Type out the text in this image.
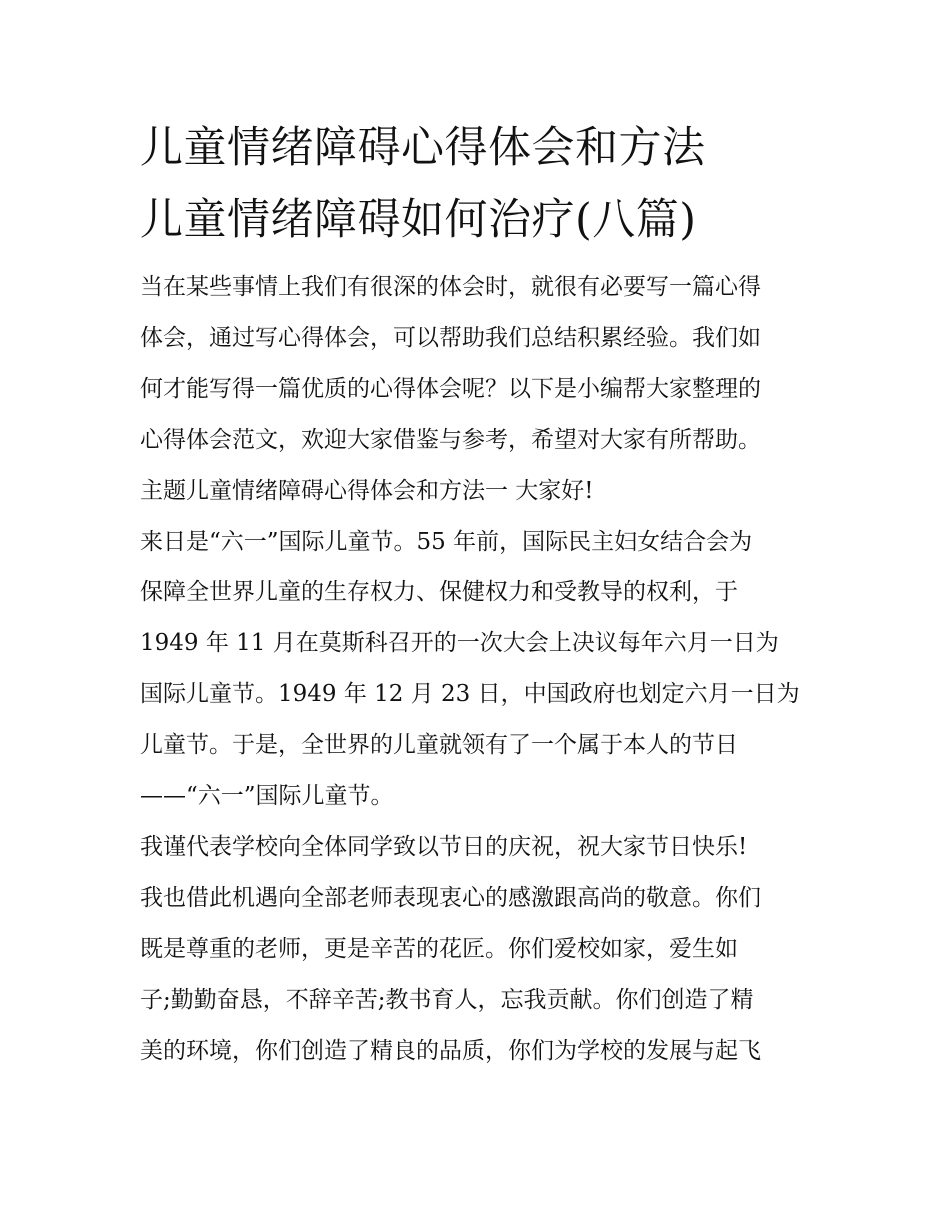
儿童情绪障碍心得体会和方法
儿童情绪障碍如何治疗(八篇)
当在某些事情上我们有很深的体会时，就很有必要写一篇心得
体会，通过写心得体会，可以帮助我们总结积累经验。我们如
何才能写得一篇优质的心得体会呢？以下是小编帮大家整理的
心得体会范文，欢迎大家借鉴与参考，希望对大家有所帮助。
主题儿童情绪障碍心得体会和方法一 大家好!
来日是“六一”国际儿童节。55 年前，国际民主妇女结合会为
保障全世界儿童的生存权力、保健权力和受教导的权利，于
1949 年 11 月在莫斯科召开的一次大会上决议每年六月一日为
国际儿童节。1949 年 12 月 23 日，中国政府也划定六月一日为
儿童节。于是，全世界的儿童就领有了一个属于本人的节日
——“六一”国际儿童节。
我谨代表学校向全体同学致以节日的庆祝，祝大家节日快乐!
我也借此机遇向全部老师表现衷心的感激跟高尚的敬意。你们
既是尊重的老师，更是辛苦的花匠。你们爱校如家，爱生如
子;勤勤奋恳，不辞辛苦;教书育人，忘我贡献。你们创造了精
美的环境，你们创造了精良的品质，你们为学校的发展与起飞
